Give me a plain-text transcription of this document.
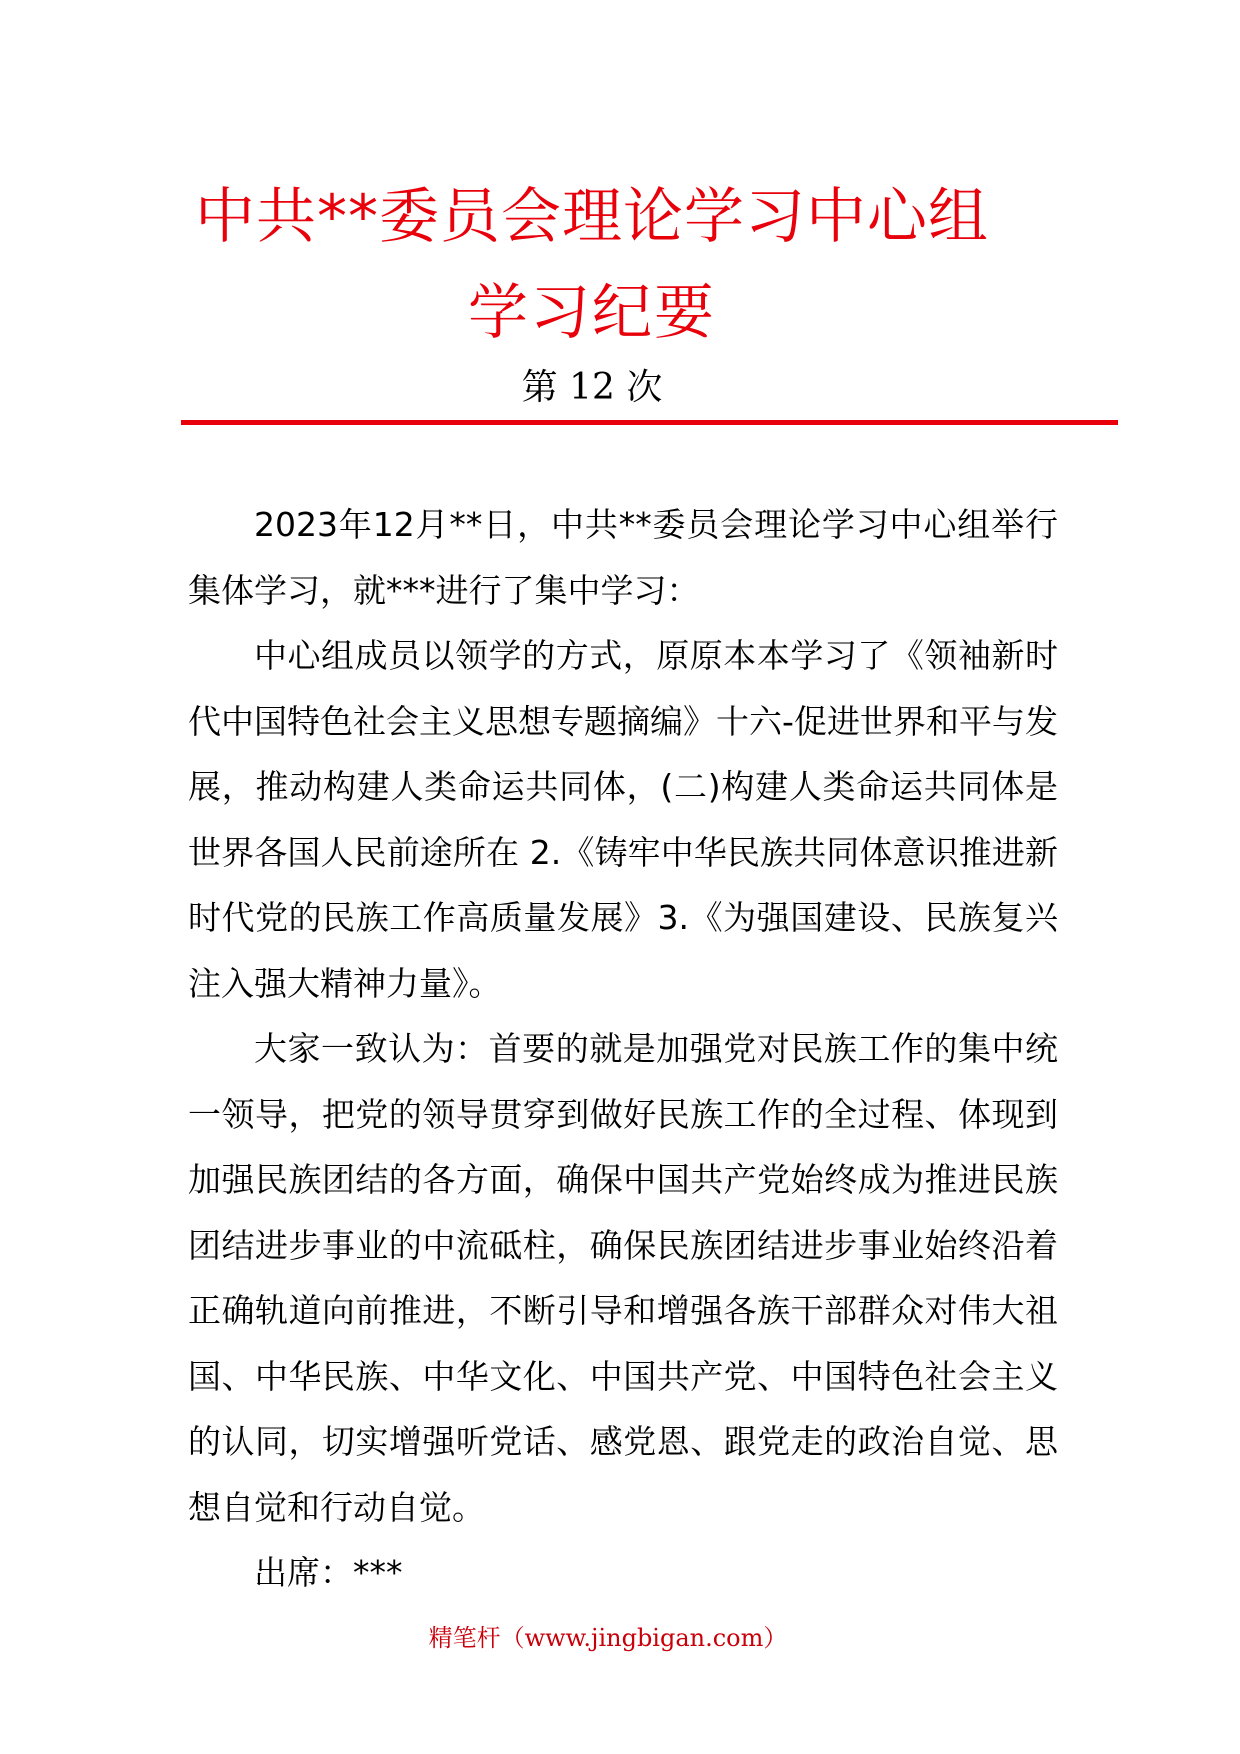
中共**委员会理论学习中心组
学习纪要
第 12 次

2023年12月**日，中共**委员会理论学习中心组举行集体学习，就***进行了集中学习：

中心组成员以领学的方式，原原本本学习了《领袖新时代中国特色社会主义思想专题摘编》十六-促进世界和平与发展，推动构建人类命运共同体，(二)构建人类命运共同体是世界各国人民前途所在 2.《铸牢中华民族共同体意识推进新时代党的民族工作高质量发展》3.《为强国建设、民族复兴注入强大精神力量》。

大家一致认为：首要的就是加强党对民族工作的集中统一领导，把党的领导贯穿到做好民族工作的全过程、体现到加强民族团结的各方面，确保中国共产党始终成为推进民族团结进步事业的中流砥柱，确保民族团结进步事业始终沿着正确轨道向前推进，不断引导和增强各族干部群众对伟大祖国、中华民族、中华文化、中国共产党、中国特色社会主义的认同，切实增强听党话、感党恩、跟党走的政治自觉、思想自觉和行动自觉。

出席：***

精笔杆（www.jingbigan.com）
